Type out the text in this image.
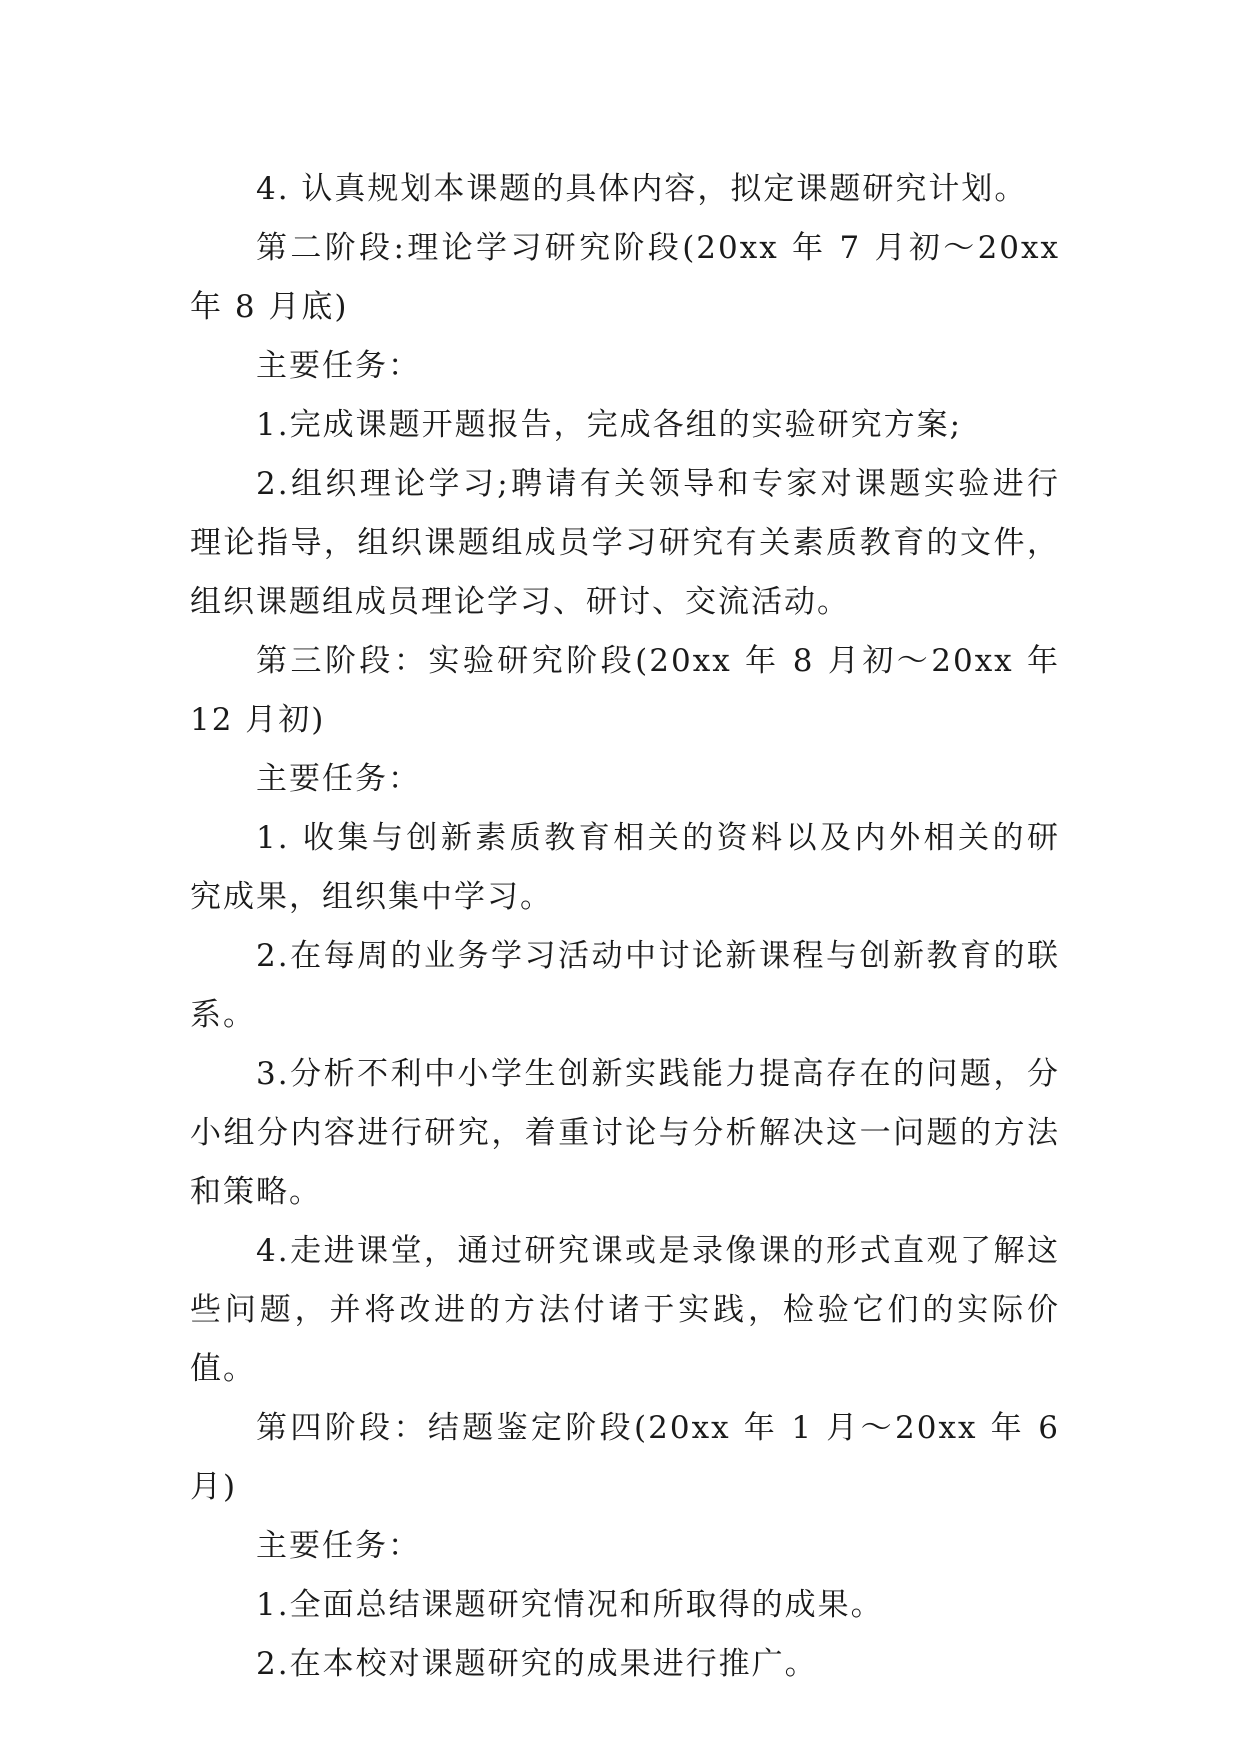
4. 认真规划本课题的具体内容，拟定课题研究计划。

第二阶段:理论学习研究阶段(20xx 年 7 月初～20xx 年 8 月底)

主要任务：

1.完成课题开题报告，完成各组的实验研究方案;

2.组织理论学习;聘请有关领导和专家对课题实验进行理论指导，组织课题组成员学习研究有关素质教育的文件，组织课题组成员理论学习、研讨、交流活动。

第三阶段：实验研究阶段(20xx 年 8 月初～20xx 年 12 月初)

主要任务：

1. 收集与创新素质教育相关的资料以及内外相关的研究成果，组织集中学习。

2.在每周的业务学习活动中讨论新课程与创新教育的联系。

3.分析不利中小学生创新实践能力提高存在的问题，分小组分内容进行研究，着重讨论与分析解决这一问题的方法和策略。

4.走进课堂，通过研究课或是录像课的形式直观了解这些问题，并将改进的方法付诸于实践，检验它们的实际价值。

第四阶段：结题鉴定阶段(20xx 年 1 月～20xx 年 6 月)

主要任务：

1.全面总结课题研究情况和所取得的成果。

2.在本校对课题研究的成果进行推广。
